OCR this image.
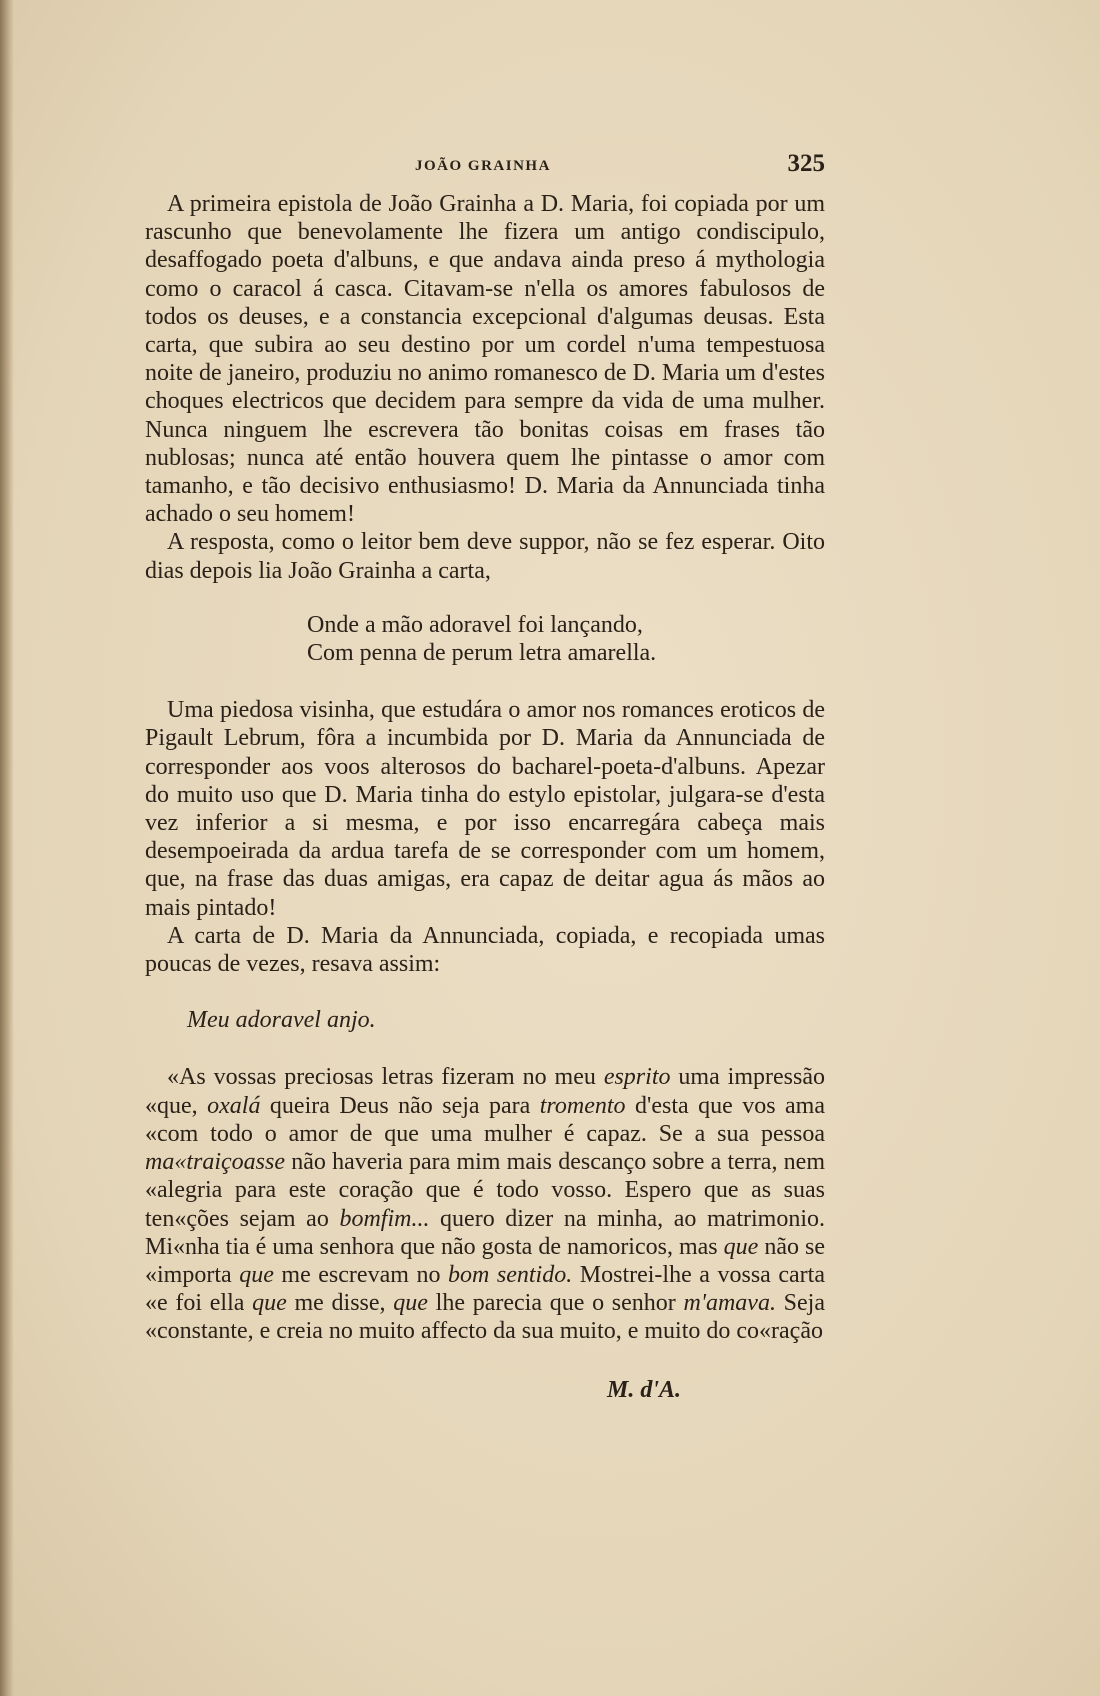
JOÃO GRAINHA	325

A primeira epistola de João Grainha a D. Maria, foi copiada por um rascunho que benevolamente lhe fizera um antigo condiscipulo, desaffogado poeta d'albuns, e que andava ainda preso á mythologia como o caracol á casca. Citavam-se n'ella os amores fabulosos de todos os deuses, e a constancia excepcional d'algumas deusas. Esta carta, que subira ao seu destino por um cordel n'uma tempestuosa noite de janeiro, produziu no animo romanesco de D. Maria um d'estes choques electricos que decidem para sempre da vida de uma mulher. Nunca ninguem lhe escrevera tão bonitas coisas em frases tão nublosas; nunca até então houvera quem lhe pintasse o amor com tamanho, e tão decisivo enthusiasmo! D. Maria da Annunciada tinha achado o seu homem!

A resposta, como o leitor bem deve suppor, não se fez esperar. Oito dias depois lia João Grainha a carta,

Onde a mão adoravel foi lançando,
Com penna de perum letra amarella.

Uma piedosa visinha, que estudára o amor nos romances eroticos de Pigault Lebrum, fôra a incumbida por D. Maria da Annunciada de corresponder aos voos alterosos do bacharel-poeta-d'albuns. Apezar do muito uso que D. Maria tinha do estylo epistolar, julgara-se d'esta vez inferior a si mesma, e por isso encarregára cabeça mais desempoeirada da ardua tarefa de se corresponder com um homem, que, na frase das duas amigas, era capaz de deitar agua ás mãos ao mais pintado!

A carta de D. Maria da Annunciada, copiada, e recopiada umas poucas de vezes, resava assim:

Meu adoravel anjo.

«As vossas preciosas letras fizeram no meu esprito uma impressão «que, oxalá queira Deus não seja para tromento d'esta que vos ama «com todo o amor de que uma mulher é capaz. Se a sua pessoa ma«traiçoasse não haveria para mim mais descanço sobre a terra, nem «alegria para este coração que é todo vosso. Espero que as suas ten«ções sejam ao bomfim... quero dizer na minha, ao matrimonio. Mi«nha tia é uma senhora que não gosta de namoricos, mas que não se «importa que me escrevam no bom sentido. Mostrei-lhe a vossa carta «e foi ella que me disse, que lhe parecia que o senhor m'amava. Seja «constante, e creia no muito affecto da sua muito, e muito do co«ração

M. d'A.
